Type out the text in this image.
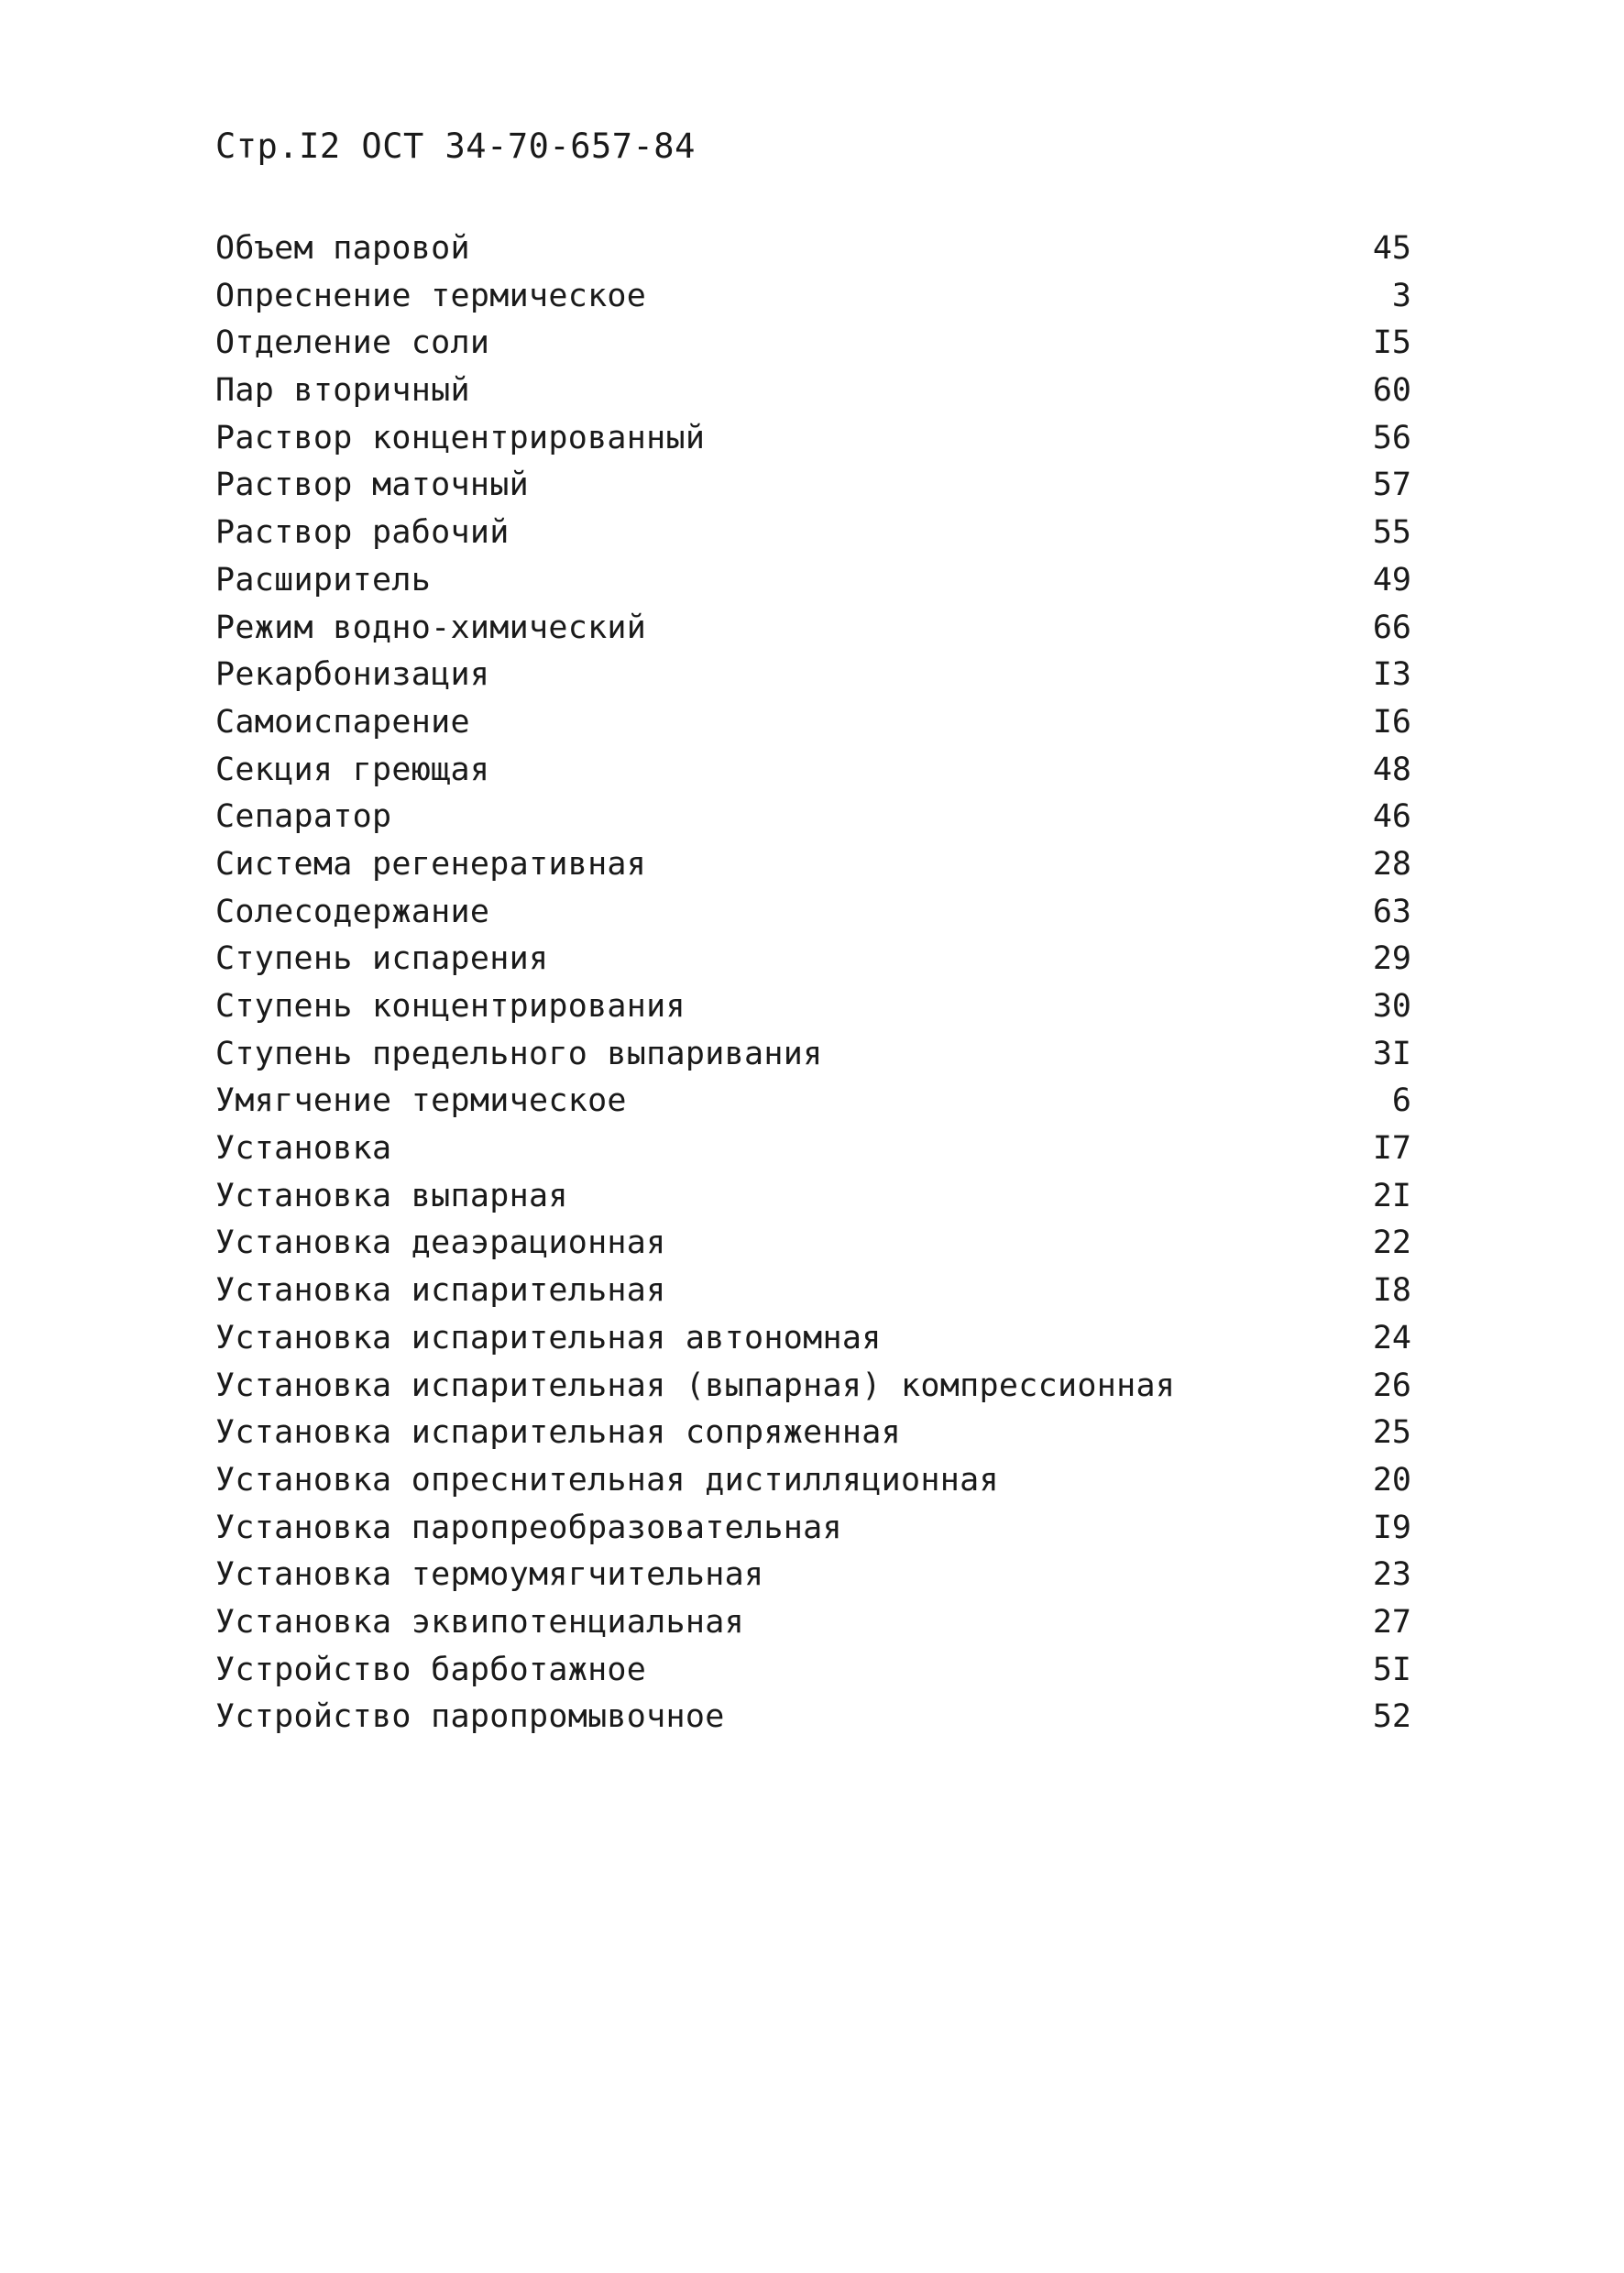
Стр.I2 ОСТ 34-70-657-84
Объем паровой	45
Опреснение термическое	3
Отделение соли	I5
Пар вторичный	60
Раствор концентрированный	56
Раствор маточный	57
Раствор рабочий	55
Расширитель	49
Режим водно-химический	66
Рекарбонизация	I3
Самоиспарение	I6
Секция греющая	48
Сепаратор	46
Система регенеративная	28
Солесодержание	63
Ступень испарения	29
Ступень концентрирования	30
Ступень предельного выпаривания	3I
Умягчение термическое	6
Установка	I7
Установка выпарная	2I
Установка деаэрационная	22
Установка испарительная	I8
Установка испарительная автономная	24
Установка испарительная (выпарная) компрессионная	26
Установка испарительная сопряженная	25
Установка опреснительная дистилляционная	20
Установка паропреобразовательная	I9
Установка термоумягчительная	23
Установка эквипотенциальная	27
Устройство барботажное	5I
Устройство паропромывочное	52
